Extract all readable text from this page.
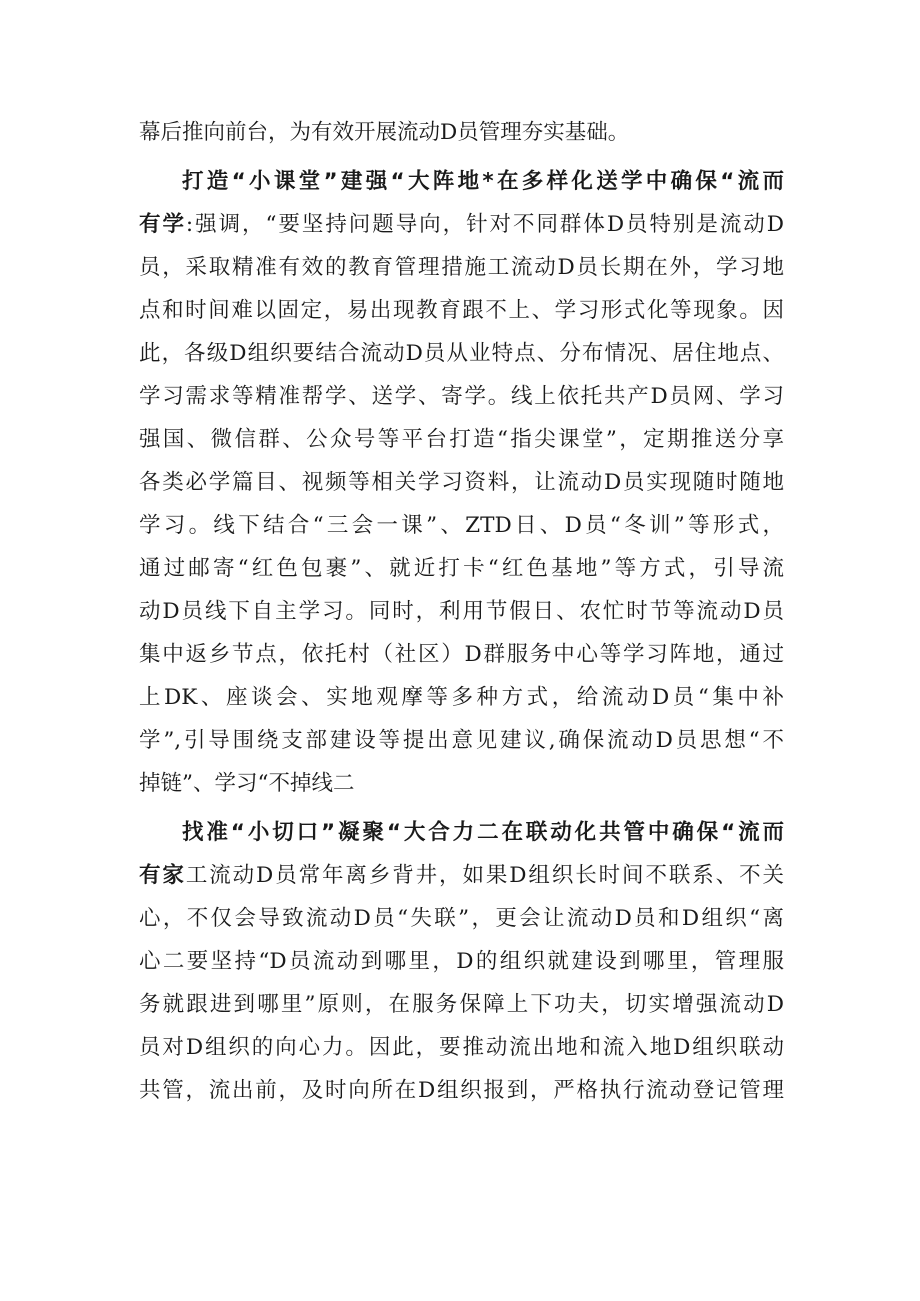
幕后推向前台，为有效开展流动D员管理夯实基础。
打造“小课堂”建强“大阵地*在多样化送学中确保“流而
有学:强调，“要坚持问题导向，针对不同群体D员特别是流动D
员，采取精准有效的教育管理措施工流动D员长期在外，学习地
点和时间难以固定，易出现教育跟不上、学习形式化等现象。因
此，各级D组织要结合流动D员从业特点、分布情况、居住地点、
学习需求等精准帮学、送学、寄学。线上依托共产D员网、学习
强国、微信群、公众号等平台打造“指尖课堂”，定期推送分享
各类必学篇目、视频等相关学习资料，让流动D员实现随时随地
学习。线下结合“三会一课”、ZTD日、D员“冬训”等形式，
通过邮寄“红色包裹”、就近打卡“红色基地”等方式，引导流
动D员线下自主学习。同时，利用节假日、农忙时节等流动D员
集中返乡节点，依托村（社区）D群服务中心等学习阵地，通过
上DK、座谈会、实地观摩等多种方式，给流动D员“集中补
学”,引导围绕支部建设等提出意见建议,确保流动D员思想“不
掉链”、学习“不掉线二
找准“小切口”凝聚“大合力二在联动化共管中确保“流而
有家工流动D员常年离乡背井，如果D组织长时间不联系、不关
心，不仅会导致流动D员“失联”，更会让流动D员和D组织“离
心二要坚持“D员流动到哪里，D的组织就建设到哪里，管理服
务就跟进到哪里”原则，在服务保障上下功夫，切实增强流动D
员对D组织的向心力。因此，要推动流出地和流入地D组织联动
共管，流出前，及时向所在D组织报到，严格执行流动登记管理
